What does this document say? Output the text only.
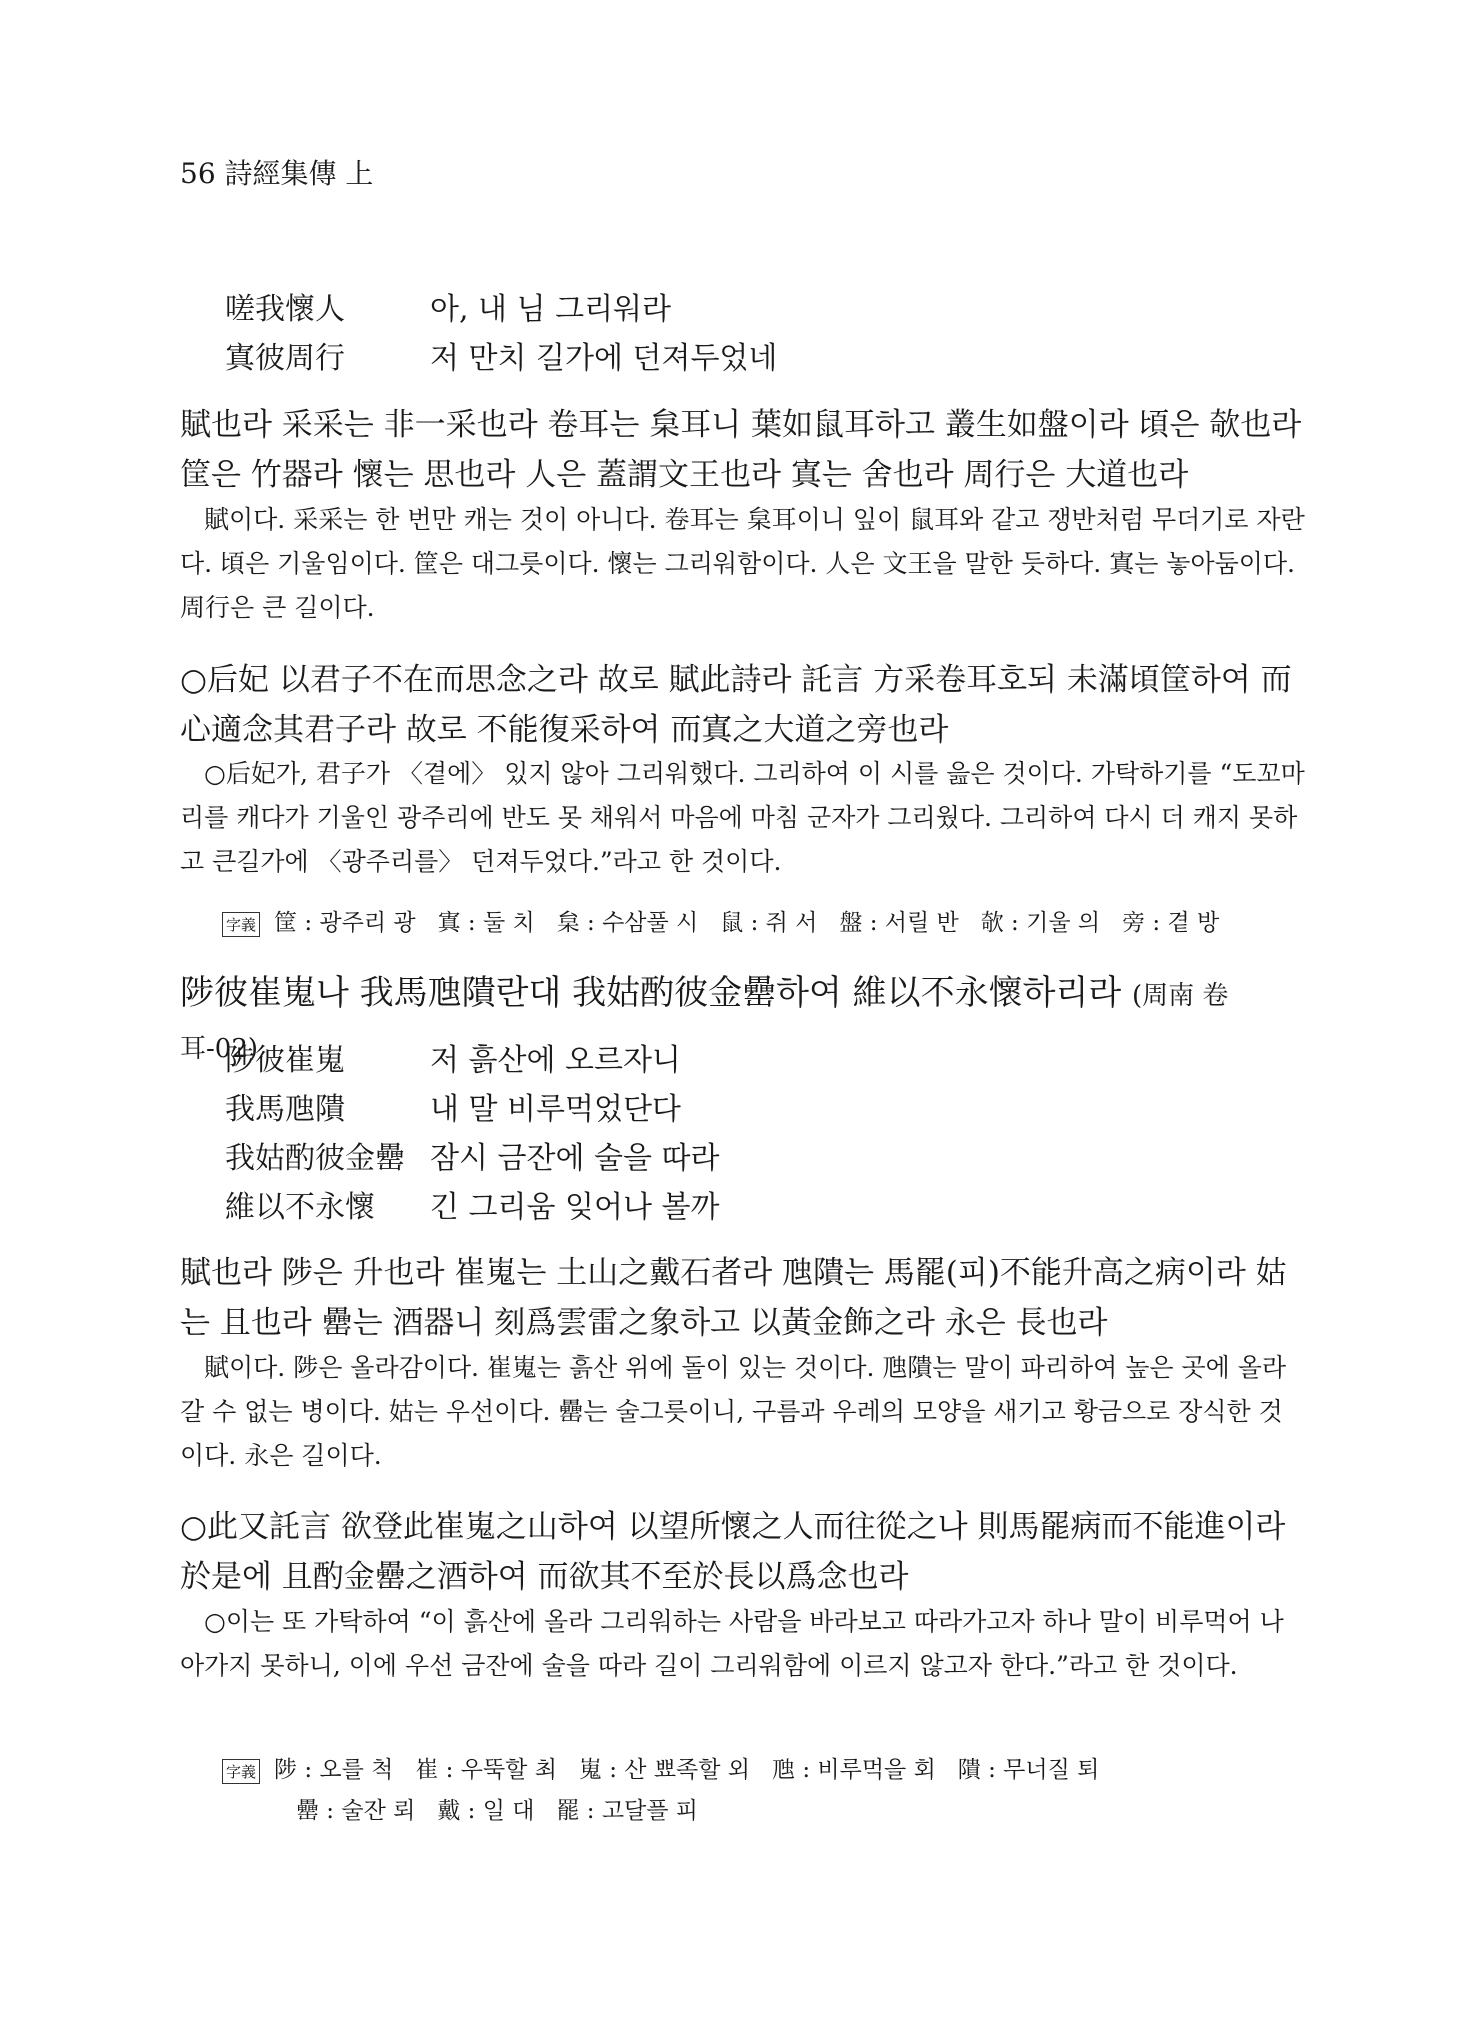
56 詩經集傳 上
嗟我懷人	아, 내 님 그리워라
寘彼周行	저 만치 길가에 던져두었네
賦也라 采采는 非一采也라 卷耳는 枲耳니 葉如鼠耳하고 叢生如盤이라 頃은 欹也라 筐은 竹器라 懷는 思也라 人은 蓋謂文王也라 寘는 舍也라 周行은 大道也라
賦이다. 采采는 한 번만 캐는 것이 아니다. 卷耳는 枲耳이니 잎이 鼠耳와 같고 쟁반처럼 무더기로 자란다. 頃은 기울임이다. 筐은 대그릇이다. 懷는 그리워함이다. 人은 文王을 말한 듯하다. 寘는 놓아둠이다. 周行은 큰 길이다.
○后妃 以君子不在而思念之라 故로 賦此詩라 託言 方采卷耳호되 未滿頃筐하여 而心適念其君子라 故로 不能復采하여 而寘之大道之旁也라
○后妃가, 君子가 〈곁에〉 있지 않아 그리워했다. 그리하여 이 시를 읊은 것이다. 가탁하기를 “도꼬마리를 캐다가 기울인 광주리에 반도 못 채워서 마음에 마침 군자가 그리웠다. 그리하여 다시 더 캐지 못하고 큰길가에 〈광주리를〉 던져두었다.”라고 한 것이다.
字義 筐 : 광주리 광 寘 : 둘 치 枲 : 수삼풀 시 鼠 : 쥐 서 盤 : 서릴 반 欹 : 기울 의 旁 : 곁 방
陟彼崔嵬나 我馬虺隤란대 我姑酌彼金罍하여 維以不永懷하리라 (周南 卷耳-02)
陟彼崔嵬	저 흙산에 오르자니
我馬虺隤	내 말 비루먹었단다
我姑酌彼金罍 잠시 금잔에 술을 따라
維以不永懷 긴 그리움 잊어나 볼까
賦也라 陟은 升也라 崔嵬는 土山之戴石者라 虺隤는 馬罷(피)不能升高之病이라 姑는 且也라 罍는 酒器니 刻爲雲雷之象하고 以黃金飾之라 永은 長也라
賦이다. 陟은 올라감이다. 崔嵬는 흙산 위에 돌이 있는 것이다. 虺隤는 말이 파리하여 높은 곳에 올라갈 수 없는 병이다. 姑는 우선이다. 罍는 술그릇이니, 구름과 우레의 모양을 새기고 황금으로 장식한 것이다. 永은 길이다.
○此又託言 欲登此崔嵬之山하여 以望所懷之人而往從之나 則馬罷病而不能進이라 於是에 且酌金罍之酒하여 而欲其不至於長以爲念也라
○이는 또 가탁하여 “이 흙산에 올라 그리워하는 사람을 바라보고 따라가고자 하나 말이 비루먹어 나아가지 못하니, 이에 우선 금잔에 술을 따라 길이 그리워함에 이르지 않고자 한다.”라고 한 것이다.
字義 陟 : 오를 척 崔 : 우뚝할 최 嵬 : 산 뾰족할 외 虺 : 비루먹을 회 隤 : 무너질 퇴
罍 : 술잔 뢰 戴 : 일 대 罷 : 고달플 피
